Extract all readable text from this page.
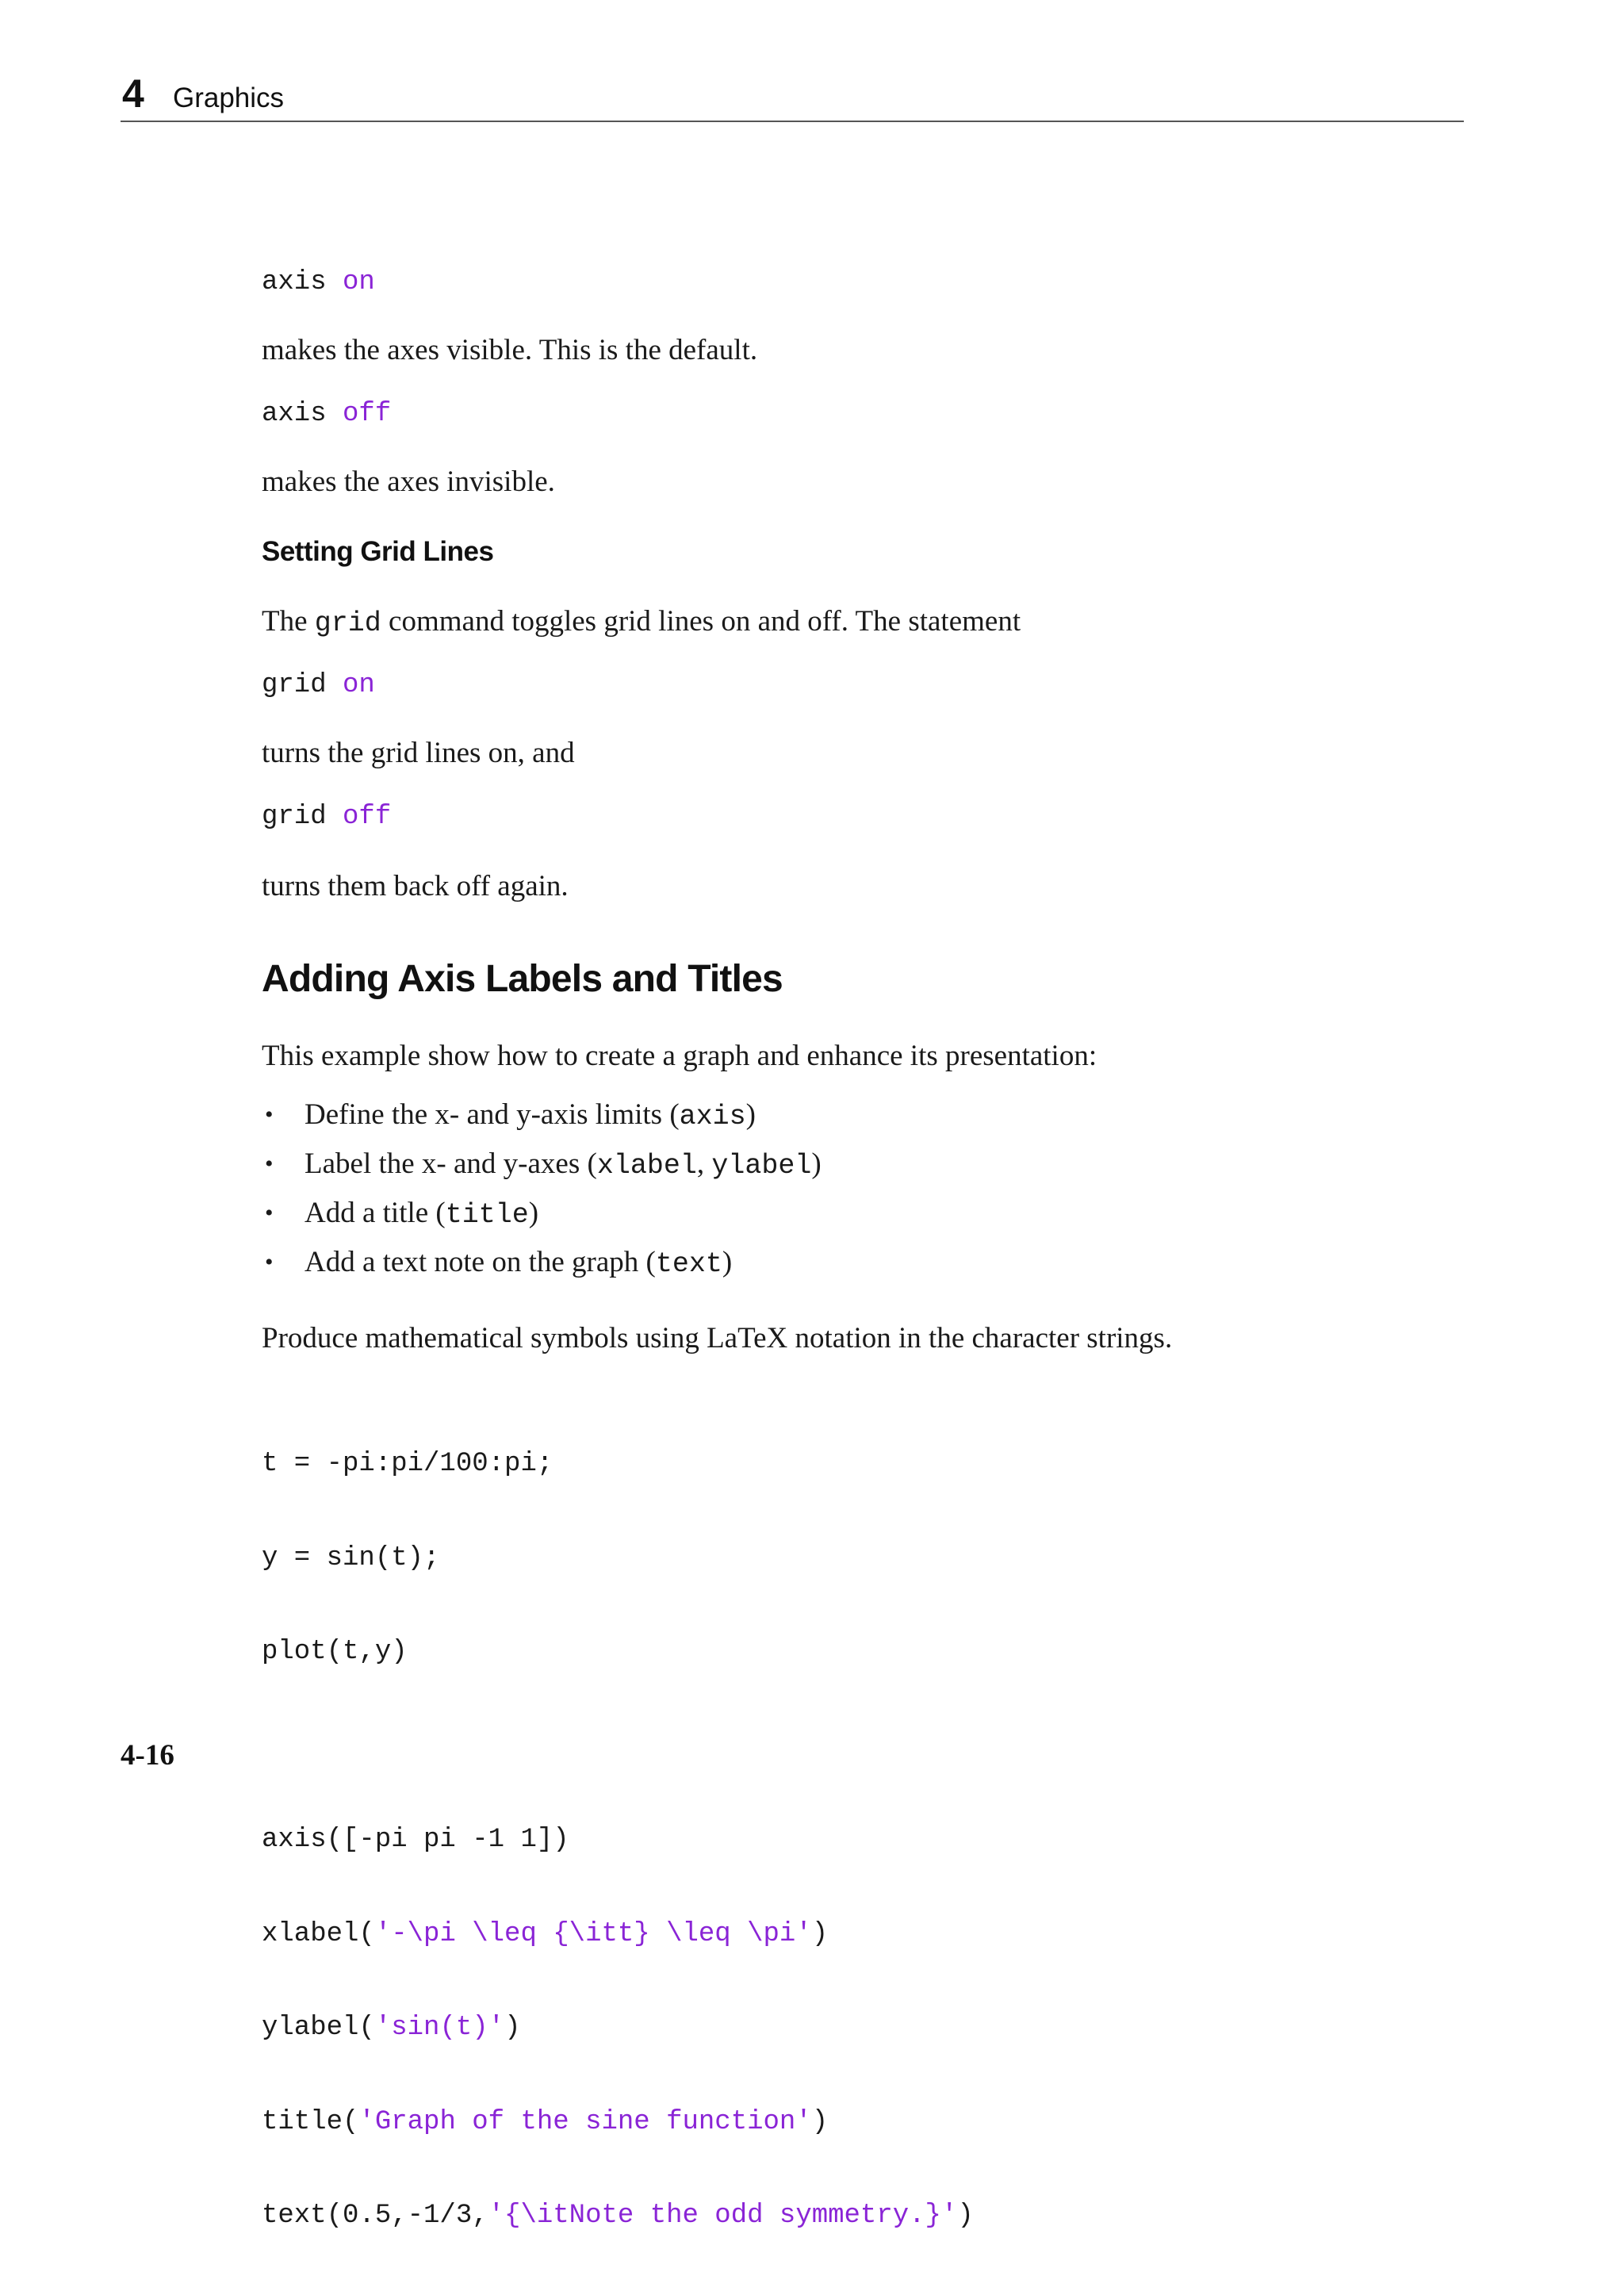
4 Graphics
axis on
makes the axes visible. This is the default.
axis off
makes the axes invisible.
Setting Grid Lines
The grid command toggles grid lines on and off. The statement
grid on
turns the grid lines on, and
grid off
turns them back off again.
Adding Axis Labels and Titles
This example show how to create a graph and enhance its presentation:

•

Define the x- and y-axis limits (axis)

•

Label the x- and y-axes (xlabel, ylabel)

•

Add a title (title)

•

Add a text note on the graph (text)

Produce mathematical symbols using LaTeX notation in the character strings.

t = -pi:pi/100:pi;

y = sin(t);

plot(t,y)

axis([-pi pi -1 1])

xlabel('-\pi \leq {\itt} \leq \pi')

ylabel('sin(t)')

title('Graph of the sine function')

text(0.5,-1/3,'{\itNote the odd symmetry.}')

4-16
